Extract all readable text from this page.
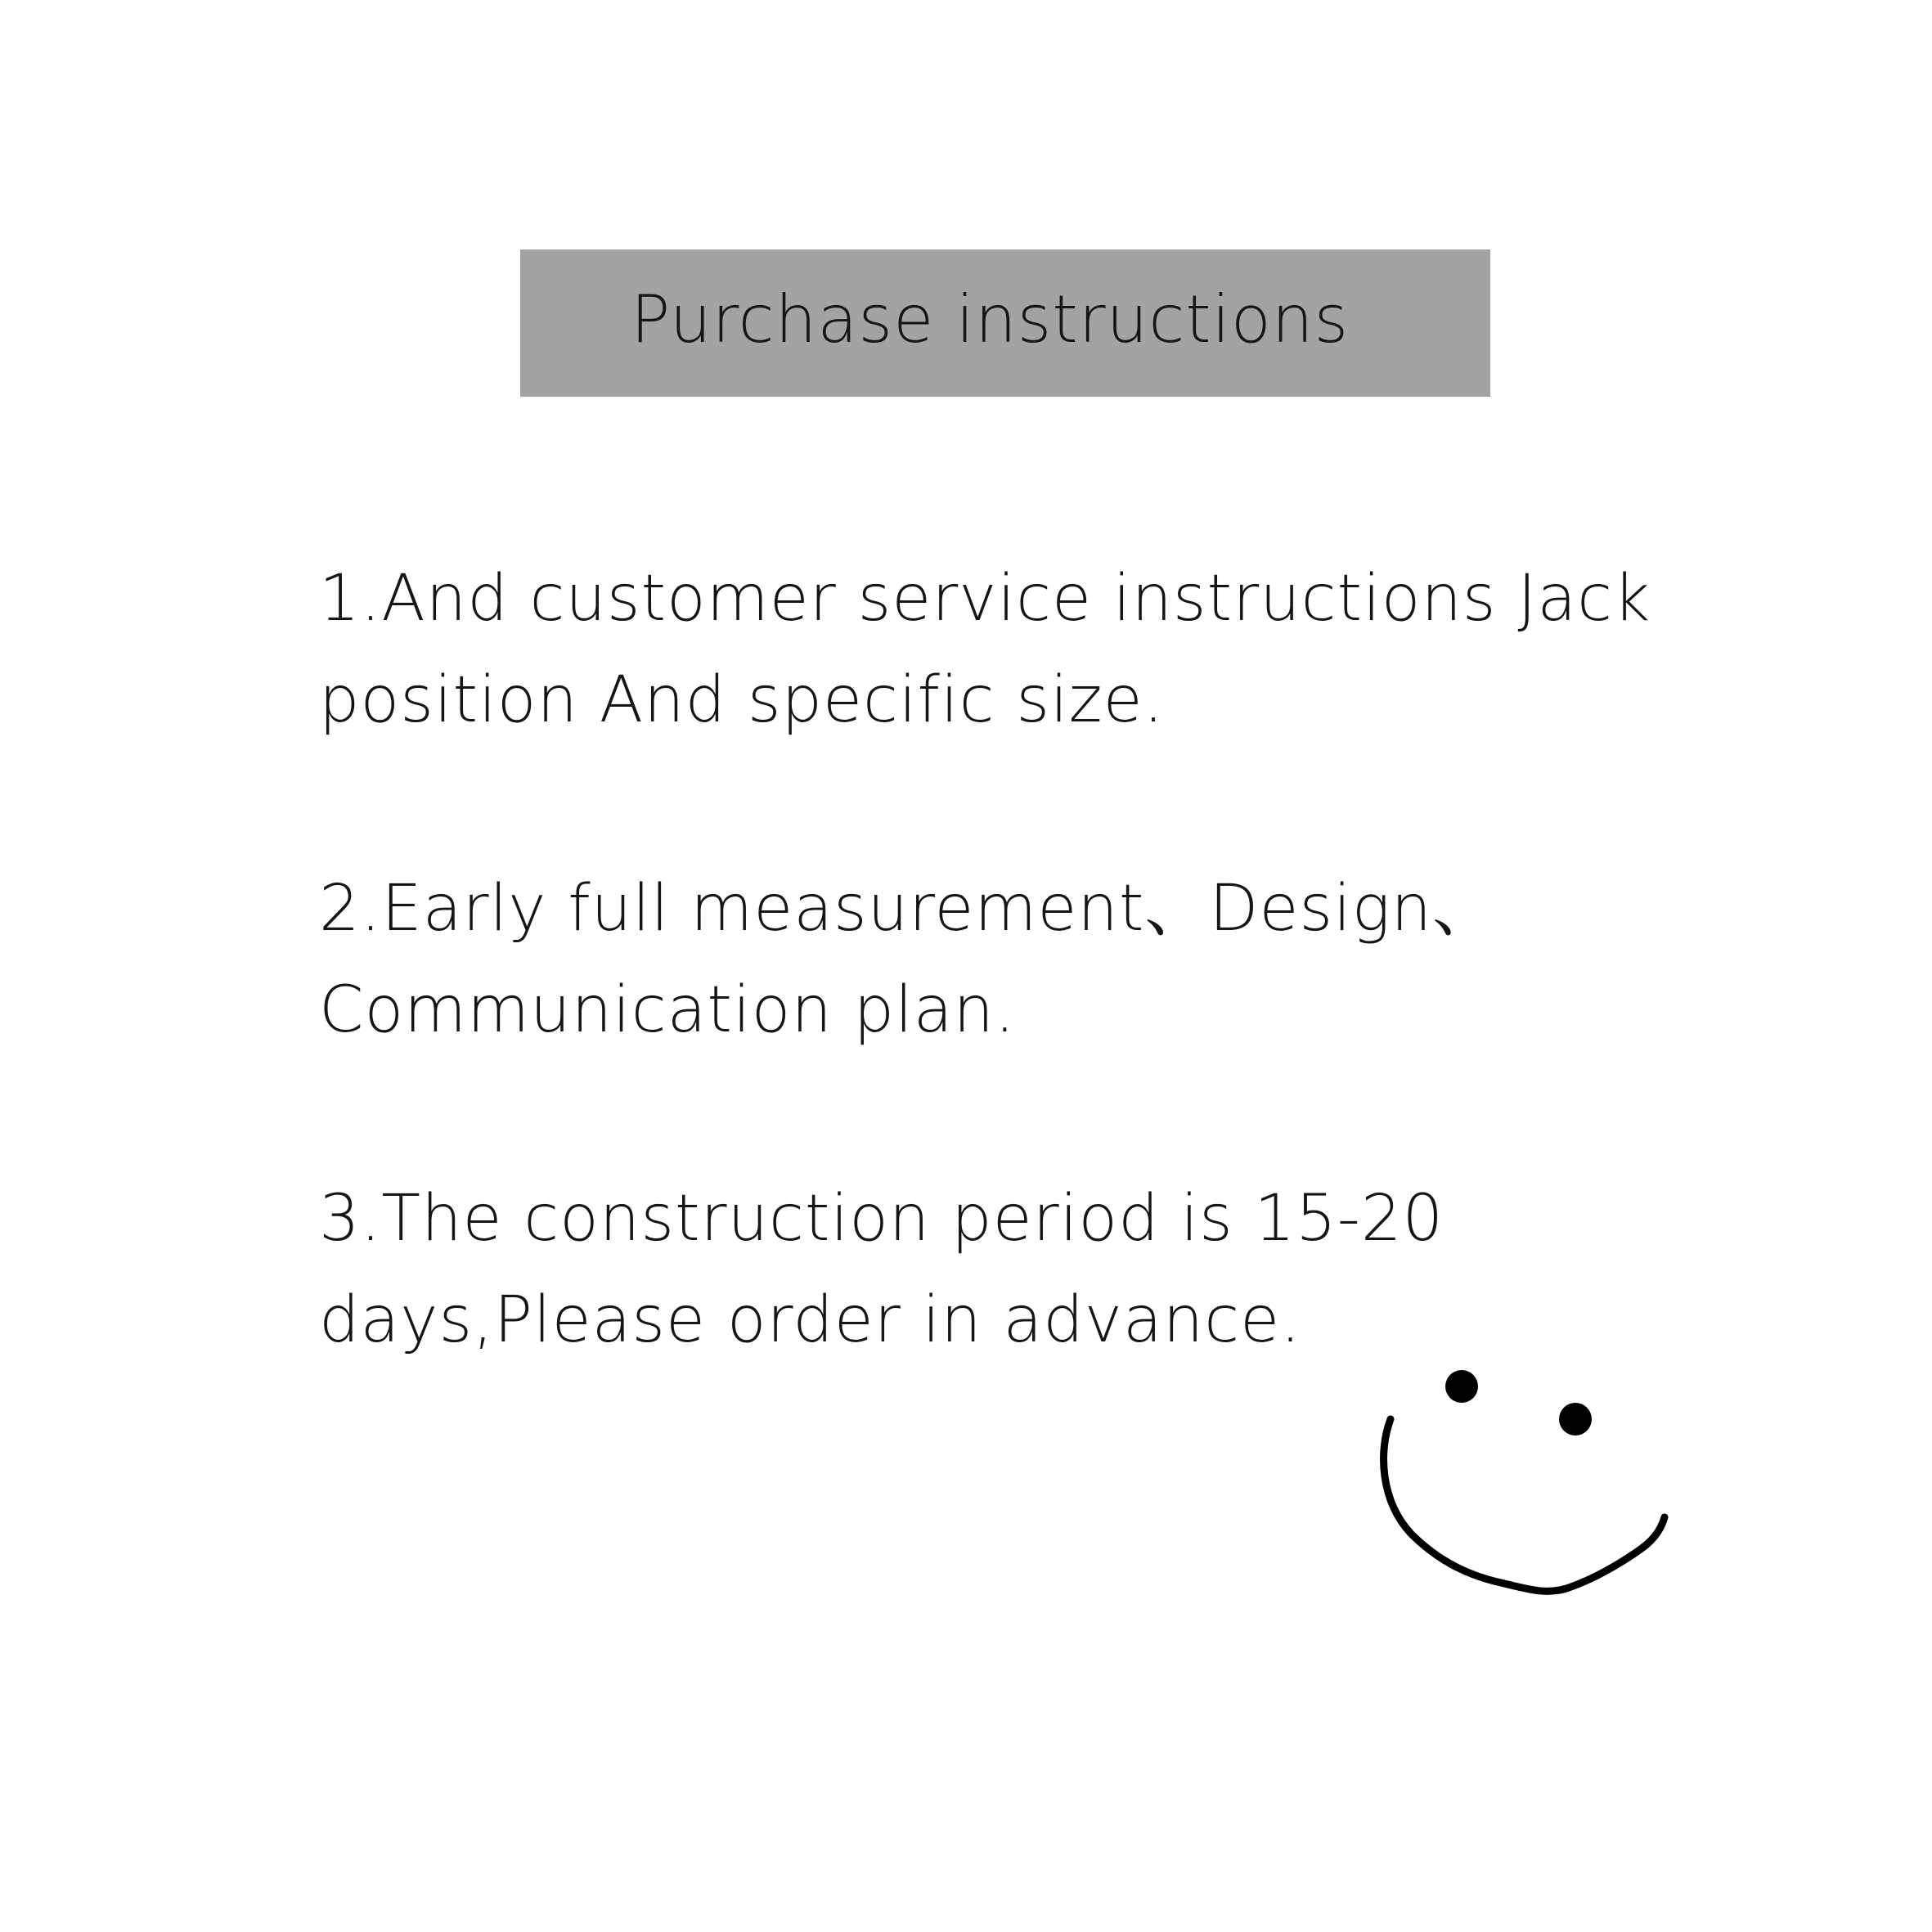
Purchase instructions

1.And customer service instructions Jack
position And specific size.

2.Early full measurement、Design、
Communication plan.

3.The construction period is 15-20
days,Please order in advance.
